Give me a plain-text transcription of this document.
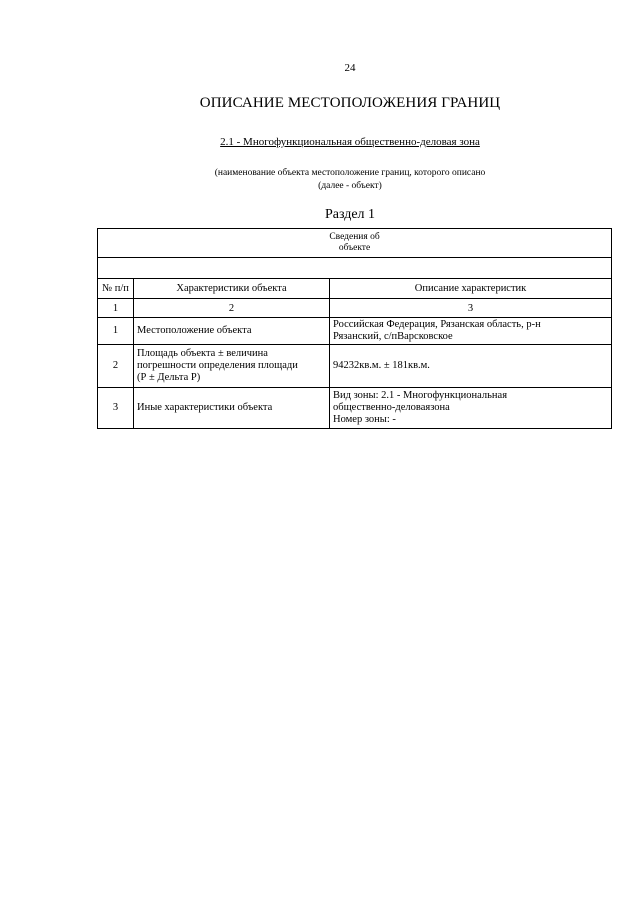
24
ОПИСАНИЕ МЕСТОПОЛОЖЕНИЯ ГРАНИЦ
2.1 - Многофункциональная общественно-деловая зона
(наименование объекта местоположение границ, которого описано
(далее - объект)
Раздел 1
Сведения об
объекте		

№ п/п	Характеристики объекта	Описание характеристик
1	2	3
1	Местоположение объекта	Российская Федерация, Рязанская область, р-н
Рязанский, с/пВарсковское

2	Площадь объекта ± величина
погрешности определения площади
(Р ± Дельта Р)	94232кв.м. ± 181кв.м.
3	Иные характеристики объекта	Вид зоны: 2.1 - Многофункциональная
общественно-деловаязона
Номер зоны: -
